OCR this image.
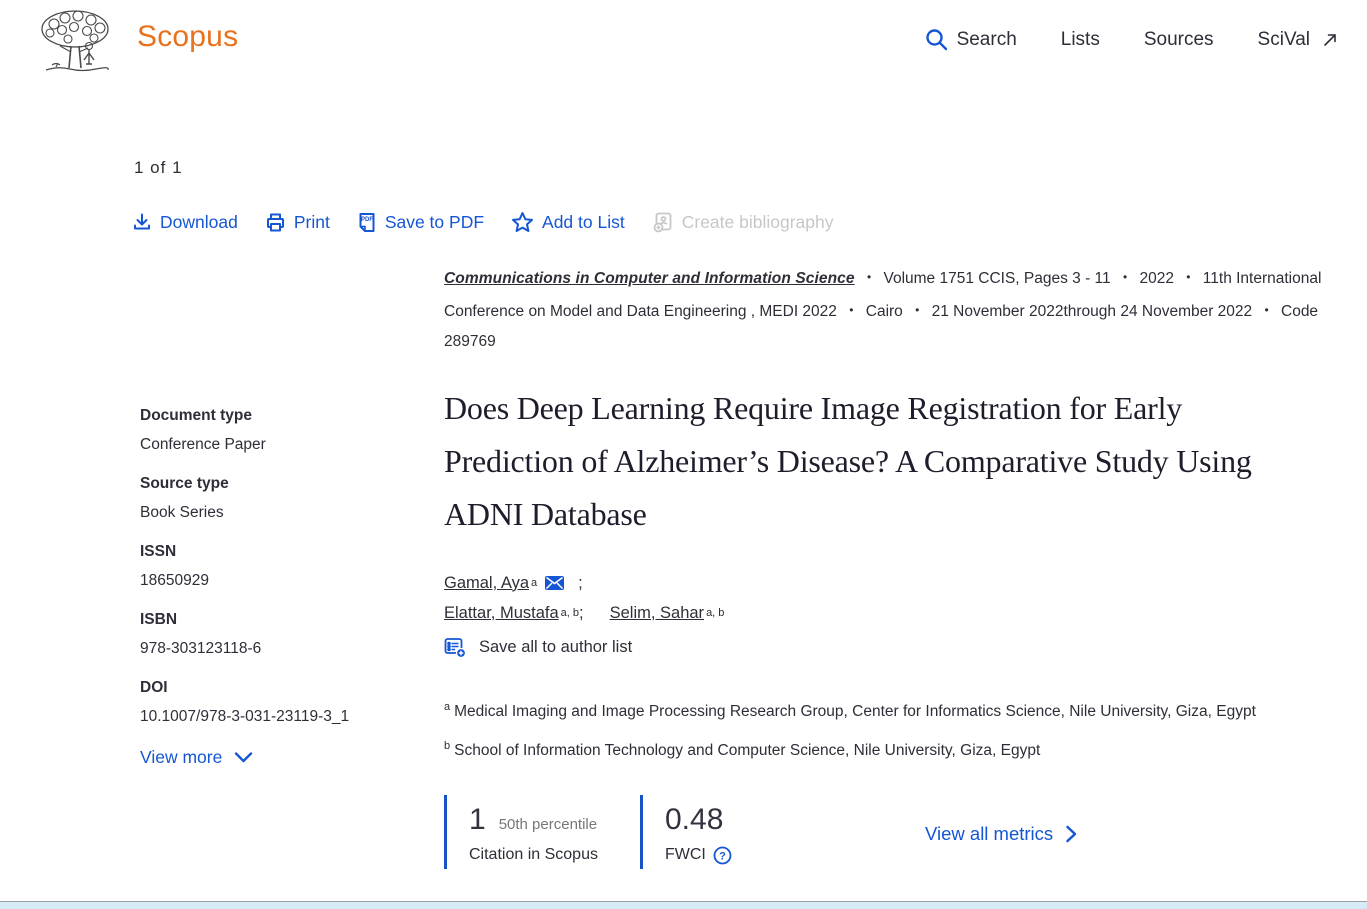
Scopus	Search Lists Sources SciVal
1 of 1
Download	Print	PDF Save to PDF	Add to List	Create bibliography
Document type
Conference Paper
Source type
Book Series
ISSN
18650929
ISBN
978-303123118-6
DOI
10.1007/978-3-031-23119-3_1
View more
Communications in Computer and Information Science • Volume 1751 CCIS, Pages 3 - 11 • 2022 • 11th International Conference on Model and Data Engineering , MEDI 2022 • Cairo • 21 November 2022through 24 November 2022 • Code 289769
Does Deep Learning Require Image Registration for Early Prediction of Alzheimer’s Disease? A Comparative Study Using ADNI Database
Gamal, Aya a ;
Elattar, Mustafa a, b ; Selim, Sahar a, b
Save all to author list
$^a$ Medical Imaging and Image Processing Research Group, Center for Informatics Science, Nile University, Giza, Egypt
$^b$ School of Information Technology and Computer Science, Nile University, Giza, Egypt
1 50th percentile
Citation in Scopus
0.48
FWCI ?
View all metrics
